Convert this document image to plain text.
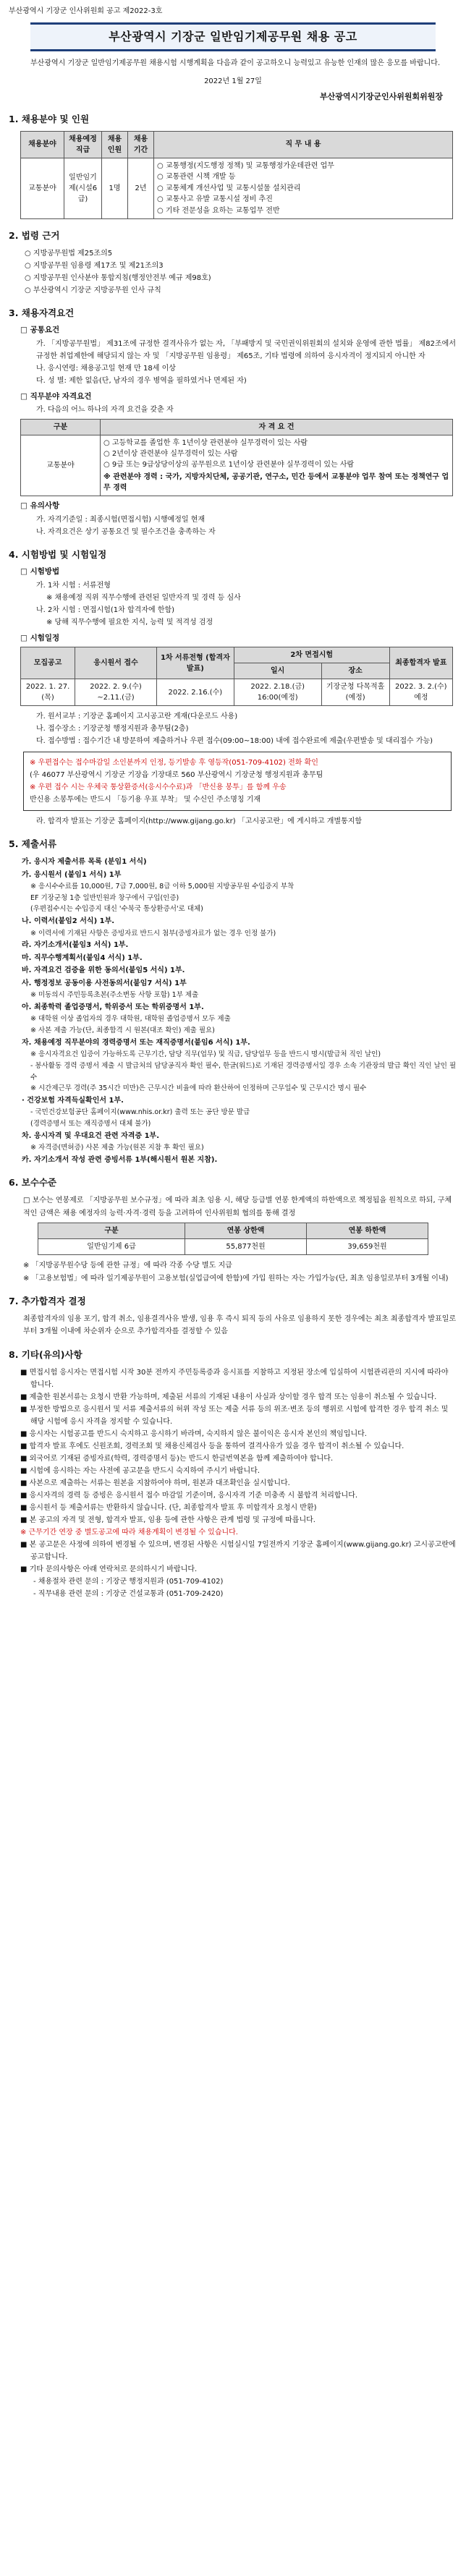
부산광역시 기장군 인사위원회 공고 제2022-3호
부산광역시 기장군 일반임기제공무원 채용 공고

부산광역시 기장군 일반임기제공무원 채용시험 시행계획을 다음과 같이 공고하오니 능력있고 유능한 인재의 많은 응모를 바랍니다.

2022년 1월 27일
부산광역시기장군인사위원회위원장
1. 채용분야 및 인원
채용분야	채용예정 직급	채용 인원	채용 기간	직 무 내 용
교통분야	일반임기제(시설6급)	1명	2년	○ 교통행정(지도행정 정책) 및 교통행정가운데관련 업무
○ 교통관련 시책 개발 등
○ 교통체계 개선사업 및 교통시설물 설치관리
○ 교통사고 유발 교통시설 정비 추진
○ 기타 전문성을 요하는 교통업무 전반
2. 법령 근거
○ 지방공무원법 제25조의5
○ 지방공무원 임용령 제17조 및 제21조의3
○ 지방공무원 인사분야 통합지침(행정안전부 예규 제98호)
○ 부산광역시 기장군 지방공무원 인사 규칙
3. 채용자격요건
□ 공통요건
가. 「지방공무원법」 제31조에 규정한 결격사유가 없는 자, 「부패방지 및 국민권익위원회의 설치와 운영에 관한 법률」 제82조에서 규정한 취업제한에 해당되지 않는 자 및 「지방공무원 임용령」 제65조, 기타 법령에 의하여 응시자격이 정지되지 아니한 자
나. 응시연령: 채용공고일 현재 만 18세 이상
다. 성 별: 제한 없음(단, 남자의 경우 병역을 필하였거나 면제된 자)
□ 직무분야 자격요건
가. 다음의 어느 하나의 자격 요건을 갖춘 자
구분	자 격 요 건
교통분야	○ 고등학교를 졸업한 후 1년이상 관련분야 실무경력이 있는 사람
○ 2년이상 관련분야 실무경력이 있는 사람
○ 9급 또는 9급상당이상의 공무원으로 1년이상 관련분야 실무경력이 있는 사람
※ 관련분야 경력 : 국가, 지방자치단체, 공공기관, 연구소, 민간 등에서 교통분야 업무 참여 또는 정책연구 업무 경력
□ 유의사항
가. 자격기준일 : 최종시험(면접시험) 시행예정일 현재
나. 자격요건은 상기 공통요건 및 필수조건을 충족하는 자
4. 시험방법 및 시험일정
□ 시험방법
가. 1차 시험 : 서류전형
※ 채용예정 직위 직무수행에 관련된 일반자격 및 경력 등 심사
나. 2차 시험 : 면접시험(1차 합격자에 한함)
※ 당해 직무수행에 필요한 지식, 능력 및 적격성 검정
□ 시험일정
모집공고	응시원서 접수	1차 서류전형 (합격자발표)	2차 면접시험		최종합격자 발표
			일시	장소	
2022. 1. 27.(목)	2022. 2. 9.(수) ~2.11.(금)	2022. 2.16.(수)	2022. 2.18.(금) 16:00(예정)	기장군청 다목적홀(예정)	2022. 3. 2.(수) 예정
가. 원서교부 : 기장군 홈페이지 고시공고란 게재(다운로드 사용)
나. 접수장소 : 기장군청 행정지원과 총무팀(2층)
다. 접수방법 : 접수기간 내 방문하여 제출하거나 우편 접수(09:00~18:00) 내에 접수완료에 제출(우편발송 및 대리접수 가능)
※ 우편접수는 접수마감일 소인분까지 인정, 등기발송 후 영등작(051-709-4102) 전화 확인
(우 46077 부산광역시 기장군 기장읍 기장대로 560 부산광역시 기장군청 행정지원과 총무팀
※ 우편 접수 시는 우체국 통상환증서(응시수수료)과 「반신용 봉투」를 함께 우송
반신용 소봉투에는 반드시 「등기용 우표 부착」 및 수신인 주소명칭 기재
라. 합격자 발표는 기장군 홈페이지(http://www.gijang.go.kr) 「고시공고란」에 게시하고 개별통지함
5. 제출서류
가. 응시자 제출서류 목록 (분임1 서식)
가. 응시원서 (붙임1 서식) 1부
※ 응시수수료를 10,000원, 7급 7,000원, 8급 이하 5,000원 지방공무원 수입증지 부착
EF 기장군청 1층 일반민원과 창구에서 구입(인증)
(우편접수시는 수입증지 대신 '수북국 통상환증서'로 대체)
나. 이력서(붙임2 서식) 1부.
※ 이력서에 기재된 사항은 증빙자료 반드시 첨부(증빙자료가 없는 경우 인정 불가)
라. 자기소개서(붙임3 서식) 1부.
마. 직무수행계획서(붙임4 서식) 1부.
바. 자격요건 검증을 위한 동의서(붙임5 서식) 1부.
사. 행정정보 공동이용 사전동의서(붙임7 서식) 1부
※ 미동의시 주민등록초본(주소변동 사항 포함) 1부 제출
아. 최종학력 졸업증명서, 학위증서 또는 학위증명서 1부.
※ 대학원 이상 졸업자의 경우 대학원, 대학원 졸업증명서 모두 제출
※ 사본 제출 가능(단, 최종합격 시 원본(대조 확인) 제출 필요)
자. 채용예정 직무분야의 경력증명서 또는 재직증명서(붙임6 서식) 1부.
※ 응시자격요건 입증이 가능하도록 근무기간, 담당 직무(업무) 및 직급, 담당업무 등을 반드시 명시(발급처 직인 날인)
- 봉사활동 경력 증명서 제출 시 발급처의 담당공직자 확인 필수, 한글(워드)로 기재된 경력증명서일 경우 소속 기관장의 발급 확인 직인 날인 필수
※ 시간제근무 경력(주 35시간 미만)은 근무시간 비율에 따라 환산하여 인정하며 근무일수 및 근무시간 명시 필수
· 건강보험 자격득실확인서 1부.
- 국민건강보험공단 홈페이지(www.nhis.or.kr) 출력 또는 공단 방문 발급
(경력증명서 또는 재직증명서 대체 불가)
차. 응시자격 및 우대요건 관련 자격증 1부.
※ 자격증(면허증) 사본 제출 가능(원본 지참 후 확인 필요)
카. 자기소개서 작성 관련 증빙서류 1부(해시원서 원본 지참).
6. 보수수준
□ 보수는 연봉제로 「지방공무원 보수규정」에 따라 최초 임용 시, 해당 등급별 연봉 한계액의 하한액으로 책정됨을 원칙으로 하되, 구체적인 금액은 채용 예정자의 능력·자격·경력 등을 고려하여 인사위원회 협의를 통해 결정
구분	연봉 상한액	연봉 하한액
일반임기제 6급	55,877천원	39,659천원
※ 「지방공무원수당 등에 관한 규정」에 따라 각종 수당 별도 지급
※ 「고용보험법」에 따라 일기제공무원이 고용보험(실업급여에 한함)에 가입 원하는 자는 가입가능(단, 최초 임용일로부터 3개월 이내)
7. 추가합격자 결정
최종합격자의 임용 포기, 합격 취소, 임용결격사유 발생, 임용 후 즉시 퇴직 등의 사유로 임용하지 못한 경우에는 최초 최종합격자 발표일로부터 3개월 이내에 차순위자 순으로 추가합격자를 결정할 수 있음
8. 기타(유의)사항
■ 면접시험 응시자는 면접시험 시작 30분 전까지 주민등록증과 응시표를 지참하고 지정된 장소에 입실하여 시험관리관의 지시에 따라야 합니다.
■ 제출한 원본서류는 요청시 반환 가능하며, 제출된 서류의 기재된 내용이 사실과 상이할 경우 합격 또는 임용이 취소될 수 있습니다.
■ 부정한 방법으로 응시원서 및 서류 제출서류의 허위 작성 또는 제출 서류 등의 위조·변조 등의 행위로 시험에 합격한 경우 합격 취소 및 해당 시험에 응시 자격을 정지할 수 있습니다.
■ 응시자는 시험공고를 반드시 숙지하고 응시하기 바라며, 숙지하지 않은 불이익은 응시자 본인의 책임입니다.
■ 합격자 발표 후에도 신원조회, 경력조회 및 채용신체검사 등을 통하여 결격사유가 있을 경우 합격이 취소될 수 있습니다.
■ 외국어로 기재된 증빙자료(학력, 경력증명서 등)는 반드시 한글번역본을 함께 제출하여야 합니다.
■ 시험에 응시하는 자는 사전에 공고문을 반드시 숙지하여 주시기 바랍니다.
■ 사본으로 제출하는 서류는 원본을 지참하여야 하며, 원본과 대조확인을 실시합니다.
■ 응시자격의 경력 등 증빙은 응시원서 접수 마감일 기준이며, 응시자격 기준 미충족 시 불합격 처리합니다.
■ 응시원서 등 제출서류는 반환하지 않습니다. (단, 최종합격자 발표 후 미합격자 요청시 반환)
■ 본 공고의 자격 및 전형, 합격자 발표, 임용 등에 관한 사항은 관계 법령 및 규정에 따릅니다.
※ 근무기간 연장 중 별도공고에 따라 채용계획이 변경될 수 있습니다.
■ 본 공고문은 사정에 의하여 변경될 수 있으며, 변경된 사항은 시험실시일 7일전까지 기장군 홈페이지(www.gijang.go.kr) 고시공고란에 공고합니다.
■ 기타 문의사항은 아래 연락처로 문의하시기 바랍니다.
- 채용절차 관련 문의 : 기장군 행정지원과 (051-709-4102)
- 직무내용 관련 문의 : 기장군 건설교통과 (051-709-2420)
